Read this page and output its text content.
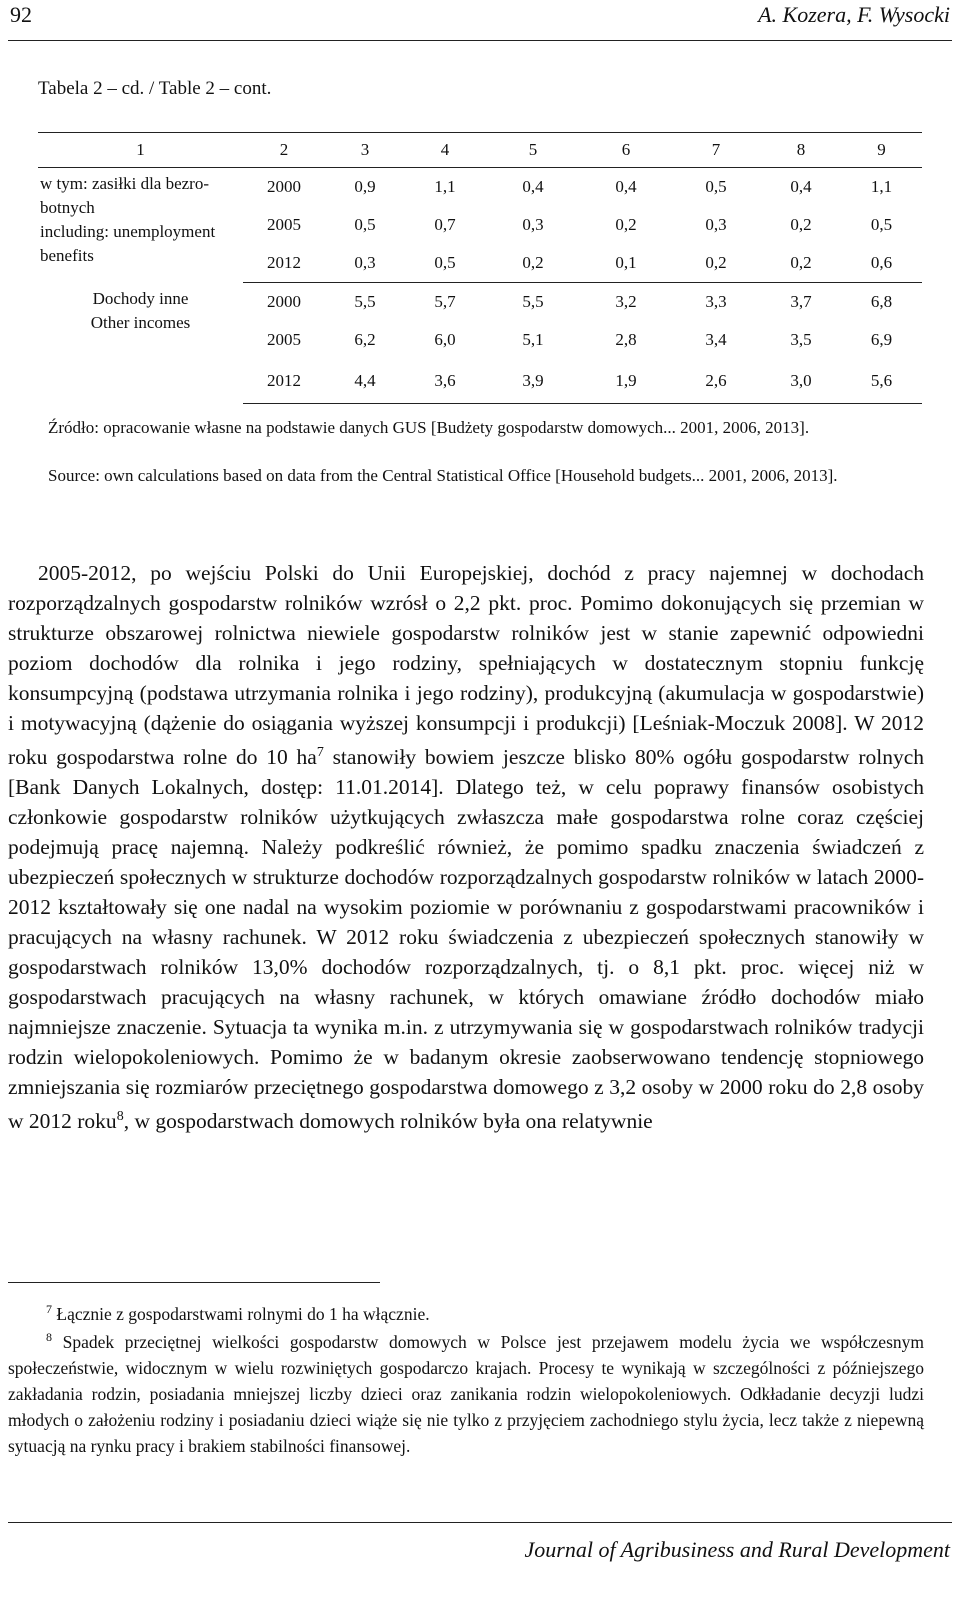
92	A. Kozera, F. Wysocki
Tabela 2 – cd. / Table 2 – cont.
1	2	3	4	5	6	7	8	9

w tym: zasiłki dla bezro-
botnych
including: unemployment
benefits	2000	0,9	1,1	0,4	0,4	0,5	0,4	1,1
	2005	0,5	0,7	0,3	0,2	0,3	0,2	0,5
	2012	0,3	0,5	0,2	0,1	0,2	0,2	0,6

Dochody inne
Other incomes	2000	5,5	5,7	5,5	3,2	3,3	3,7	6,8
	2005	6,2	6,0	5,1	2,8	3,4	3,5	6,9
	2012	4,4	3,6	3,9	1,9	2,6	3,0	5,6
Źródło: opracowanie własne na podstawie danych GUS [Budżety gospodarstw domowych... 2001, 2006, 2013].
Source: own calculations based on data from the Central Statistical Office [Household budgets... 2001, 2006, 2013].

2005-2012, po wejściu Polski do Unii Europejskiej, dochód z pracy najemnej w dochodach rozporządzalnych gospodarstw rolników wzrósł o 2,2 pkt. proc. Pomimo dokonujących się przemian w strukturze obszarowej rolnictwa niewiele gospodarstw rolników jest w stanie zapewnić odpowiedni poziom dochodów dla rolnika i jego rodziny, spełniających w dostatecznym stopniu funkcję konsumpcyjną (podstawa utrzymania rolnika i jego rodziny), produkcyjną (akumulacja w gospodarstwie) i motywacyjną (dążenie do osiągania wyższej konsumpcji i produkcji) [Leśniak-Moczuk 2008]. W 2012 roku gospodarstwa rolne do 10 $ha^7$ stanowiły bowiem jeszcze blisko 80% ogółu gospodarstw rolnych [Bank Danych Lokalnych, dostęp: 11.01.2014]. Dlatego też, w celu poprawy finansów osobistych członkowie gospodarstw rolników użytkujących zwłaszcza małe gospodarstwa rolne coraz częściej podejmują pracę najemną. Należy podkreślić również, że pomimo spadku znaczenia świadczeń z ubezpieczeń społecznych w strukturze dochodów rozporządzalnych gospodarstw rolników w latach 2000-2012 kształtowały się one nadal na wysokim poziomie w porównaniu z gospodarstwami pracowników i pracujących na własny rachunek. W 2012 roku świadczenia z ubezpieczeń społecznych stanowiły w gospodarstwach rolników 13,0% dochodów rozporządzalnych, tj. o 8,1 pkt. proc. więcej niż w gospodarstwach pracujących na własny rachunek, w których omawiane źródło dochodów miało najmniejsze znaczenie. Sytuacja ta wynika m.in. z utrzymywania się w gospodarstwach rolników tradycji rodzin wielopokoleniowych. Pomimo że w badanym okresie zaobserwowano tendencję stopniowego zmniejszania się rozmiarów przeciętnego gospodarstwa domowego z 3,2 osoby w 2000 roku do 2,8 osoby w 2012 roku$^8$, w gospodarstwach domowych rolników była ona relatywnie

$^7$ Łącznie z gospodarstwami rolnymi do 1 ha włącznie.

$^8$ Spadek przeciętnej wielkości gospodarstw domowych w Polsce jest przejawem modelu życia we współczesnym społeczeństwie, widocznym w wielu rozwiniętych gospodarczo krajach. Procesy te wynikają w szczególności z późniejszego zakładania rodzin, posiadania mniejszej liczby dzieci oraz zanikania rodzin wielopokoleniowych. Odkładanie decyzji ludzi młodych o założeniu rodziny i posiadaniu dzieci wiąże się nie tylko z przyjęciem zachodniego stylu życia, lecz także z niepewną sytuacją na rynku pracy i brakiem stabilności finansowej.

Journal of Agribusiness and Rural Development
